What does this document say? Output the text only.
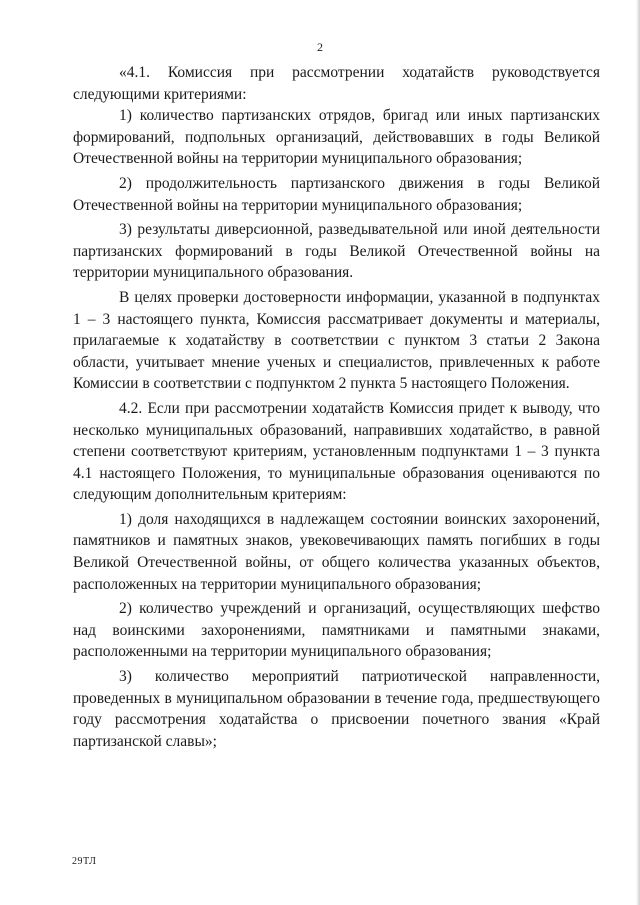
2

«4.1. Комиссия при рассмотрении ходатайств руководствуется следующими критериями:

1) количество партизанских отрядов, бригад или иных партизанских формирований, подпольных организаций, действовавших в годы Великой Отечественной войны на территории муниципального образования;

2) продолжительность партизанского движения в годы Великой Отечественной войны на территории муниципального образования;

3) результаты диверсионной, разведывательной или иной деятельности партизанских формирований в годы Великой Отечественной войны на территории муниципального образования.

В целях проверки достоверности информации, указанной в подпунктах 1 – 3 настоящего пункта, Комиссия рассматривает документы и материалы, прилагаемые к ходатайству в соответствии с пунктом 3 статьи 2 Закона области, учитывает мнение ученых и специалистов, привлеченных к работе Комиссии в соответствии с подпунктом 2 пункта 5 настоящего Положения.

4.2. Если при рассмотрении ходатайств Комиссия придет к выводу, что несколько муниципальных образований, направивших ходатайство, в равной степени соответствуют критериям, установленным подпунктами 1 – 3 пункта 4.1 настоящего Положения, то муниципальные образования оцениваются по следующим дополнительным критериям:

1) доля находящихся в надлежащем состоянии воинских захоронений, памятников и памятных знаков, увековечивающих память погибших в годы Великой Отечественной войны, от общего количества указанных объектов, расположенных на территории муниципального образования;

2) количество учреждений и организаций, осуществляющих шефство над воинскими захоронениями, памятниками и памятными знаками, расположенными на территории муниципального образования;

3) количество мероприятий патриотической направленности, проведенных в муниципальном образовании в течение года, предшествующего году рассмотрения ходатайства о присвоении почетного звания «Край партизанской славы»;

29ТЛ
